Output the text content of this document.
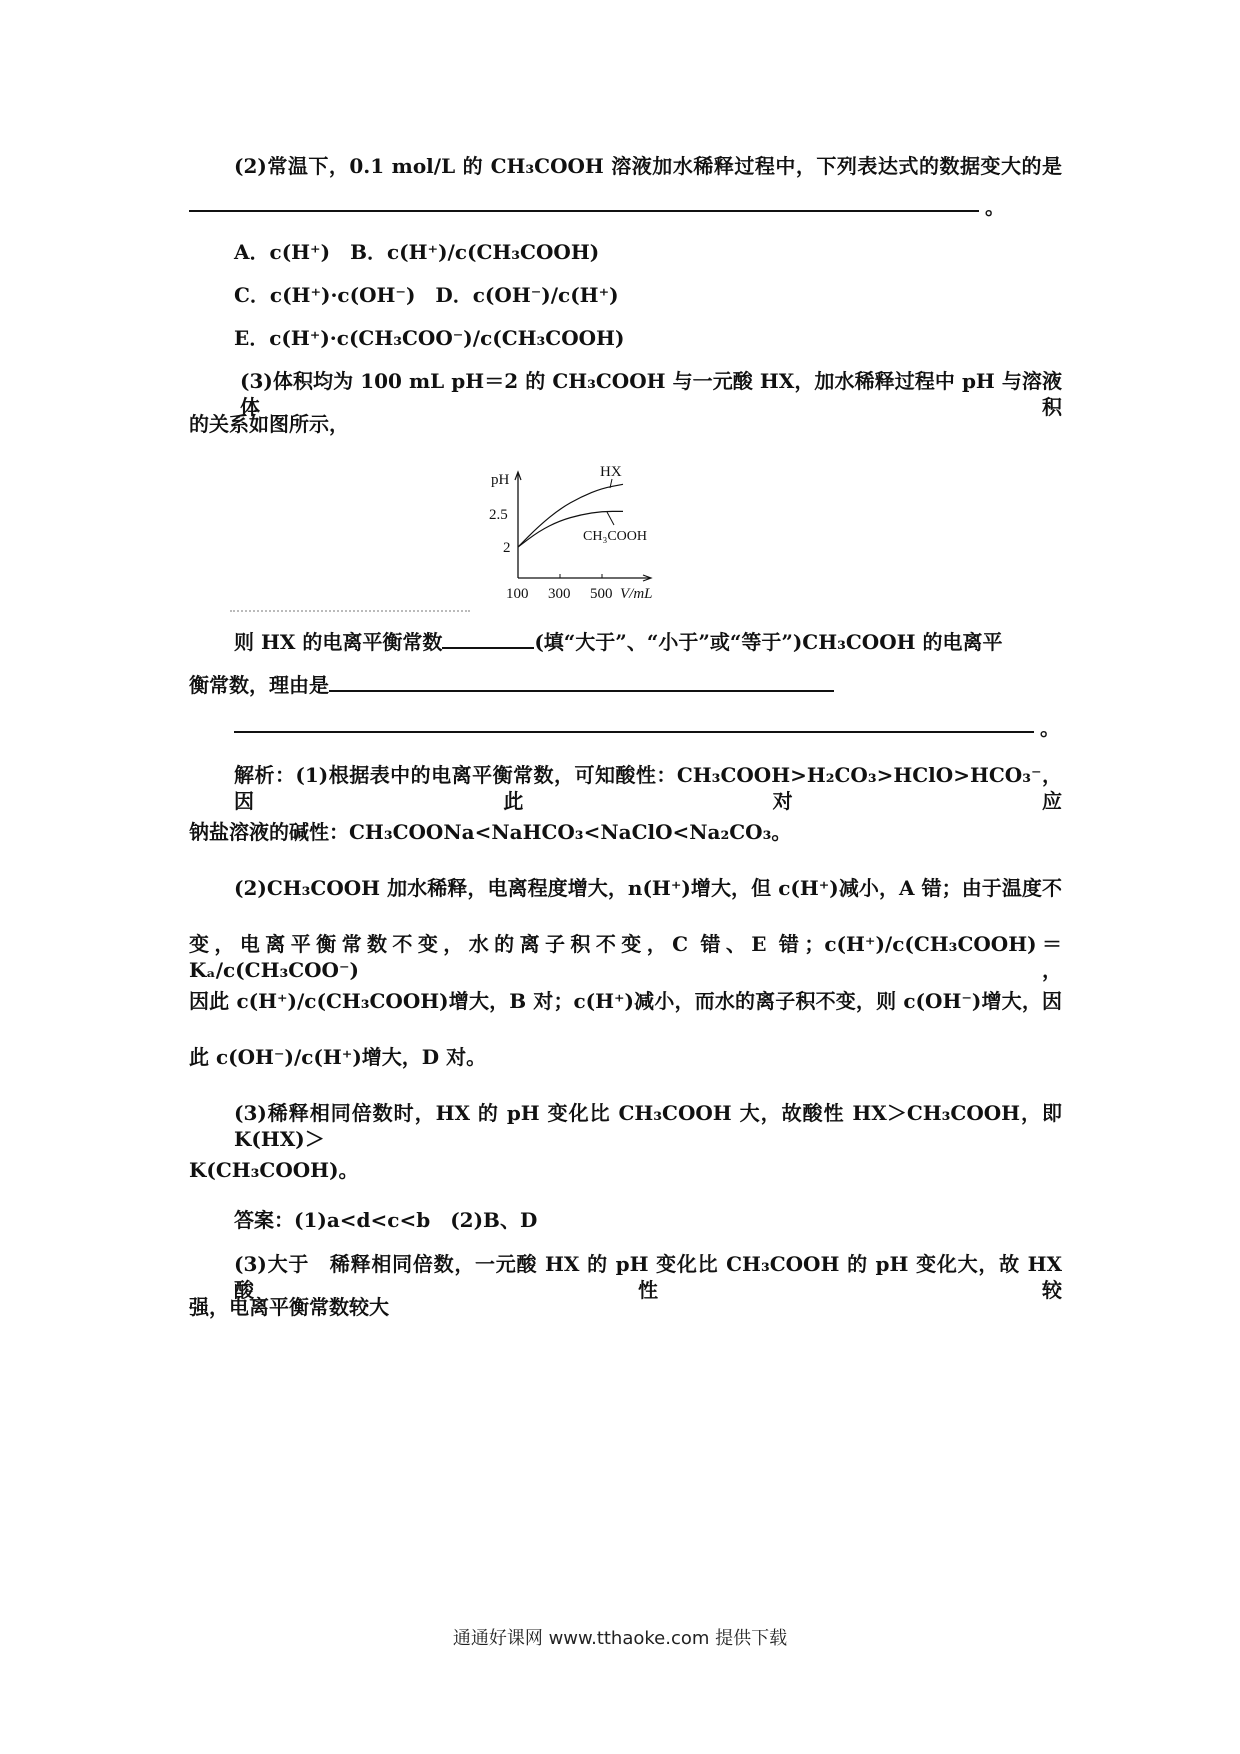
(2)常温下，0.1 mol/L 的 CH₃COOH 溶液加水稀释过程中，下列表达式的数据变大的是
。
A．c(H⁺)　B．c(H⁺)/c(CH₃COOH)
C．c(H⁺)·c(OH⁻)　D．c(OH⁻)/c(H⁺)
E．c(H⁺)·c(CH₃COO⁻)/c(CH₃COOH)
(3)体积均为 100 mL pH＝2 的 CH₃COOH 与一元酸 HX，加水稀释过程中 pH 与溶液体积
的关系如图所示，
pH
2.5
2
100 300 500 V/mL
HX
CH₃COOH
则 HX 的电离平衡常数	(填“大于”、“小于”或“等于”)CH₃COOH 的电离平
衡常数，理由是
。
解析：(1)根据表中的电离平衡常数，可知酸性：CH₃COOH>H₂CO₃>HClO>HCO₃⁻，因此对应
钠盐溶液的碱性：CH₃COONa<NaHCO₃<NaClO<Na₂CO₃。
(2)CH₃COOH 加水稀释，电离程度增大，n(H⁺)增大，但 c(H⁺)减小，A 错；由于温度不
变，电离平衡常数不变，水的离子积不变，C 错、E 错；c(H⁺)/c(CH₃COOH)＝Kₐ/c(CH₃COO⁻)，
因此 c(H⁺)/c(CH₃COOH)增大，B 对；c(H⁺)减小，而水的离子积不变，则 c(OH⁻)增大，因
此 c(OH⁻)/c(H⁺)增大，D 对。
(3)稀释相同倍数时，HX 的 pH 变化比 CH₃COOH 大，故酸性 HX＞CH₃COOH，即 K(HX)＞
K(CH₃COOH)。
答案：(1)a<d<c<b　(2)B、D
(3)大于　稀释相同倍数，一元酸 HX 的 pH 变化比 CH₃COOH 的 pH 变化大，故 HX 酸性较
强，电离平衡常数较大
通通好课网 www.tthaoke.com 提供下载
